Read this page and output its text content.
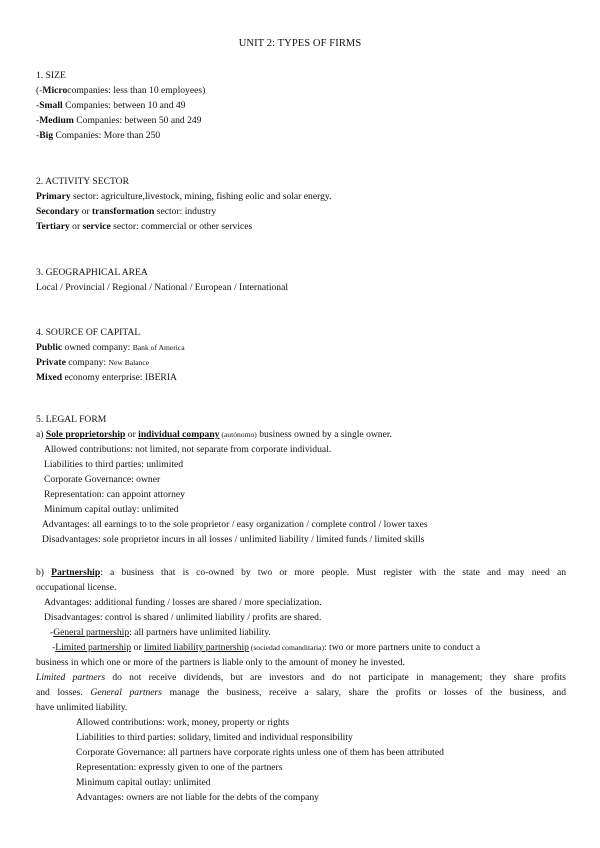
UNIT 2: TYPES OF FIRMS
1. SIZE
(-Microcompanies: less than 10 employees)
-Small Companies: between 10 and 49
-Medium Companies: between 50 and 249
-Big Companies: More than 250
2. ACTIVITY SECTOR
Primary sector: agriculture,livestock, mining, fishing eolic and solar energy.
Secondary or transformation sector: industry
Tertiary or service sector: commercial or other services
3. GEOGRAPHICAL AREA
Local / Provincial / Regional / National / European / International
4. SOURCE OF CAPITAL
Public owned company: Bank of America
Private company: New Balance
Mixed economy enterprise: IBERIA
5. LEGAL FORM
a) Sole proprietorship or individual company (autónomo) business owned by a single owner.
Allowed contributions: not limited, not separate from corporate individual.
Liabilities to third parties: unlimited
Corporate Governance: owner
Representation: can appoint attorney
Minimum capital outlay: unlimited
Advantages: all earnings to to the sole proprietor / easy organization / complete control / lower taxes
Disadvantages: sole proprietor incurs in all losses / unlimited liability / limited funds / limited skills
b) Partnership: a business that is co-owned by two or more people. Must register with the state and may need an
occupational license.
Advantages: additional funding / losses are shared / more specialization.
Disadvantages: control is shared / unlimited liability / profits are shared.
-General partnership: all partners have unlimited liability.
-Limited partnership or limited liability partnership (sociedad comanditaria): two or more partners unite to conduct a
business in which one or more of the partners is liable only to the amount of money he invested.
Limited partners do not receive dividends, but are investors and do not participate in management; they share profits
and losses. General partners manage the business, receive a salary, share the profits or losses of the business, and
have unlimited liability.
Allowed contributions: work, money, property or rights
Liabilities to third parties: solidary, limited and individual responsibility
Corporate Governance: all partners have corporate rights unless one of them has been attributed
Representation: expressly given to one of the partners
Minimum capital outlay: unlimited
Advantages: owners are not liable for the debts of the company
